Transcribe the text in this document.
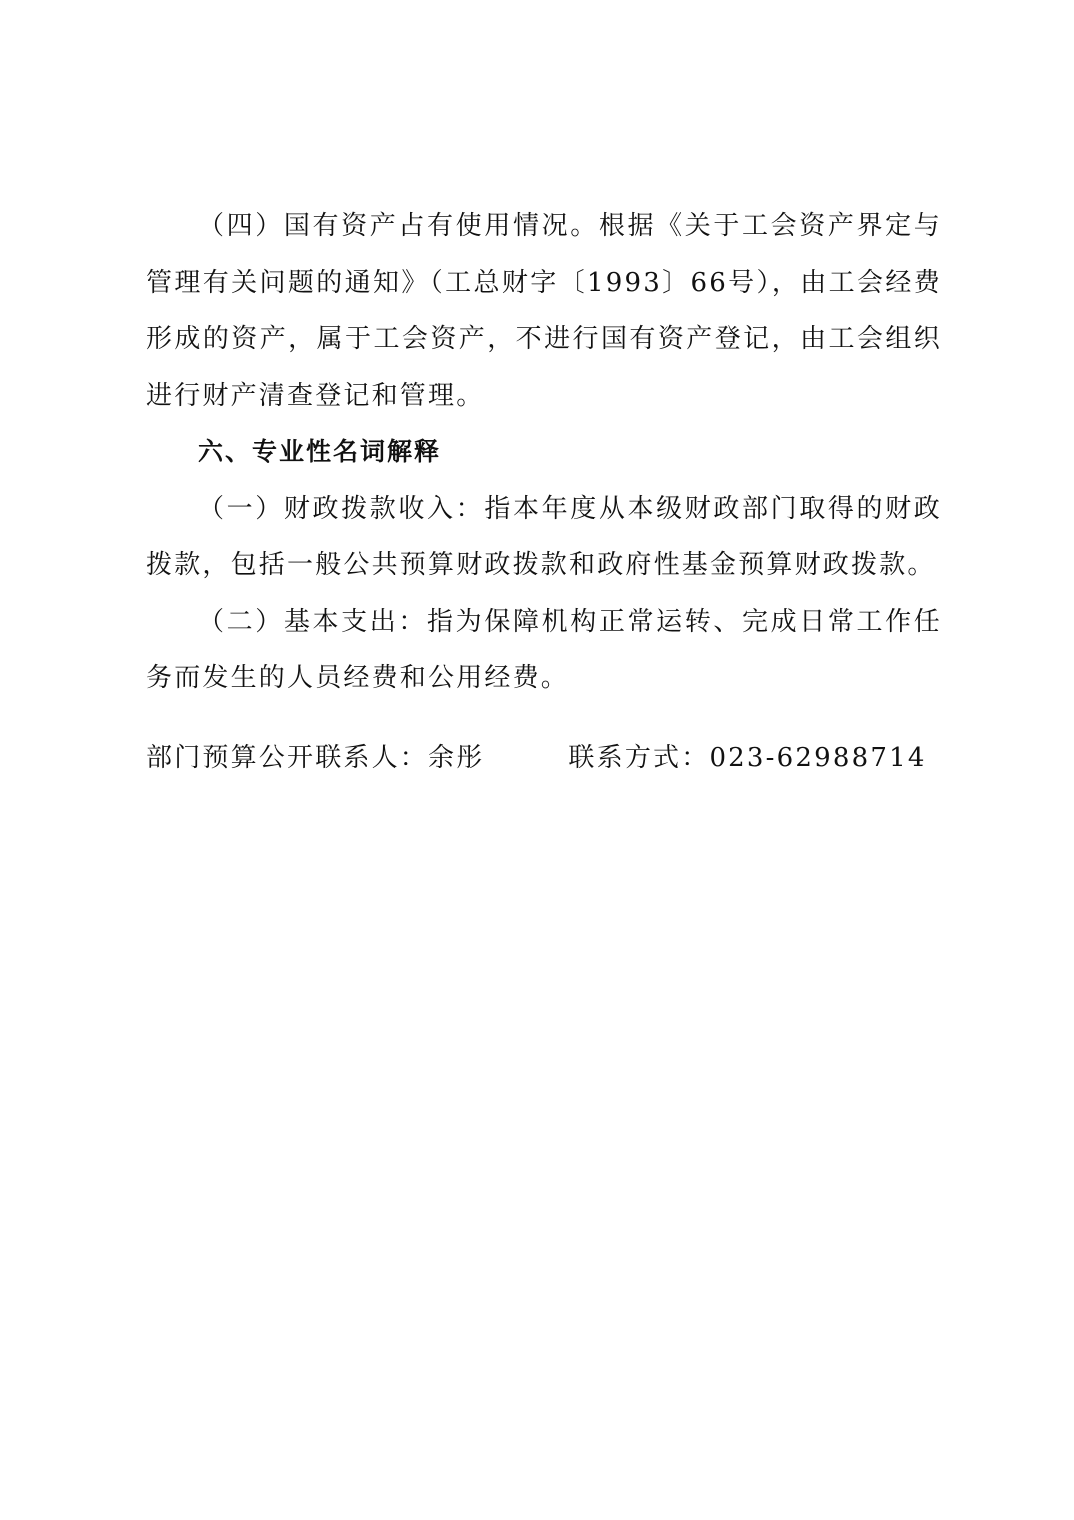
（四）国有资产占有使用情况。根据《关于工会资产界定与管理有关问题的通知》（工总财字〔1993〕66号），由工会经费形成的资产，属于工会资产，不进行国有资产登记，由工会组织进行财产清查登记和管理。

六、专业性名词解释

（一）财政拨款收入：指本年度从本级财政部门取得的财政拨款，包括一般公共预算财政拨款和政府性基金预算财政拨款。

（二）基本支出：指为保障机构正常运转、完成日常工作任务而发生的人员经费和公用经费。

部门预算公开联系人：余彤	联系方式：023-62988714
